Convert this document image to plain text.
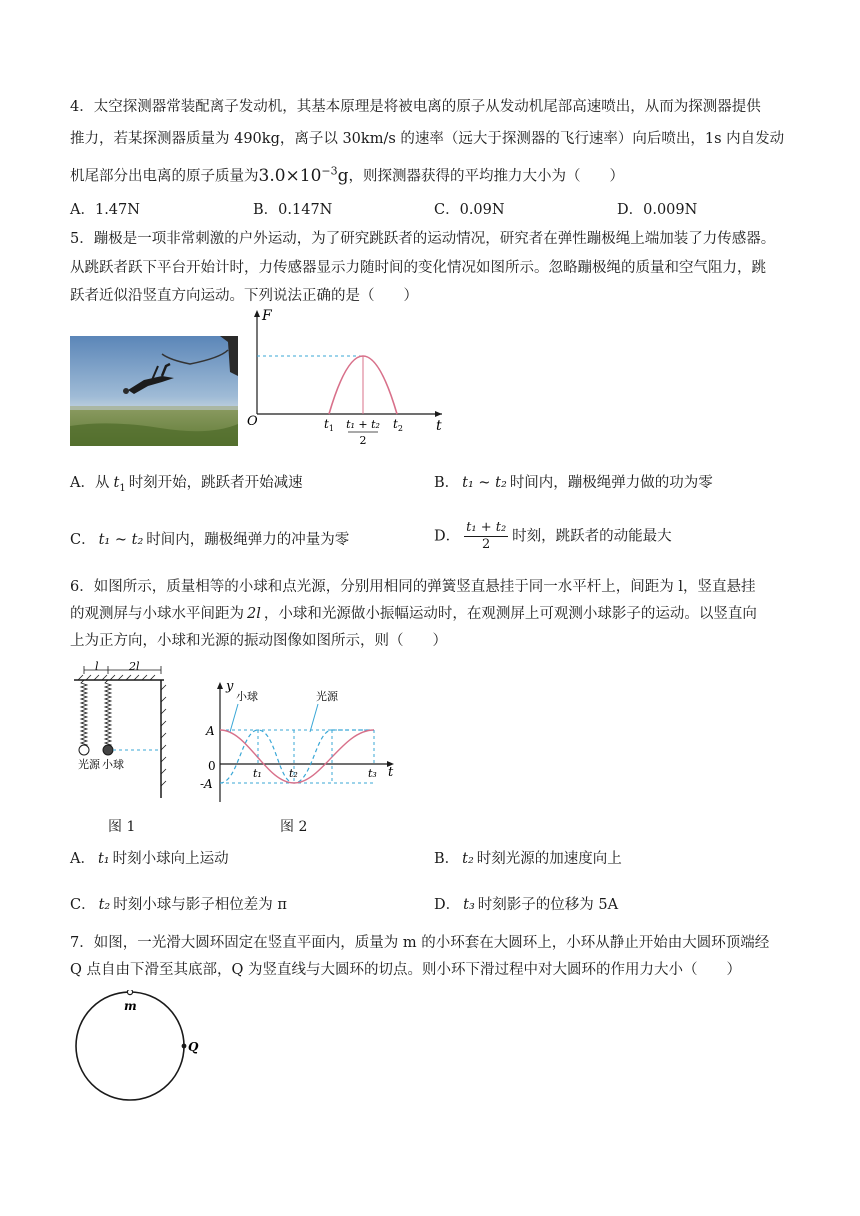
4．太空探测器常装配离子发动机，其基本原理是将被电离的原子从发动机尾部高速喷出，从而为探测器提供
推力，若某探测器质量为 490kg，离子以 30km/s 的速率（远大于探测器的飞行速率）向后喷出，1s 内自发动
机尾部分出电离的原子质量为$3.0\times 10^{-3}g$，则探测器获得的平均推力大小为（　　）
A．1.47N	B．0.147N	C．0.09N	D．0.009N
5．蹦极是一项非常刺激的户外运动，为了研究跳跃者的运动情况，研究者在弹性蹦极绳上端加装了力传感器。
从跳跃者跃下平台开始计时，力传感器显示力随时间的变化情况如图所示。忽略蹦极绳的质量和空气阻力，跳
跃者近似沿竖直方向运动。下列说法正确的是（　　）
F
t
O	$t_1$	$t_2$
t₁ + t₂
2
A．从 $t_1$ 时刻开始，跳跃者开始减速	B． t₁ ~ t₂ 时间内，蹦极绳弹力做的功为零
C． t₁ ~ t₂ 时间内，蹦极绳弹力的冲量为零	D． $\frac{\text{t₁ + t₂}}{2}$ 时刻，跳跃者的动能最大
6．如图所示，质量相等的小球和点光源，分别用相同的弹簧竖直悬挂于同一水平杆上，间距为 l，竖直悬挂
的观测屏与小球水平间距为 2l ，小球和光源做小振幅运动时，在观测屏上可观测小球影子的运动。以竖直向
上为正方向，小球和光源的振动图像如图所示，则（　　）
l	2l
光源 小球
图 1
y
t
A
-A
0
t₁ t₂	t₃
小球	光源
图 2
A． t₁ 时刻小球向上运动	B． t₂ 时刻光源的加速度向上
C． t₂ 时刻小球与影子相位差为 π	D． t₃ 时刻影子的位移为 5A
7．如图，一光滑大圆环固定在竖直平面内，质量为 m 的小环套在大圆环上，小环从静止开始由大圆环顶端经
Q 点自由下滑至其底部，Q 为竖直线与大圆环的切点。则小环下滑过程中对大圆环的作用力大小（　　）
m
Q
